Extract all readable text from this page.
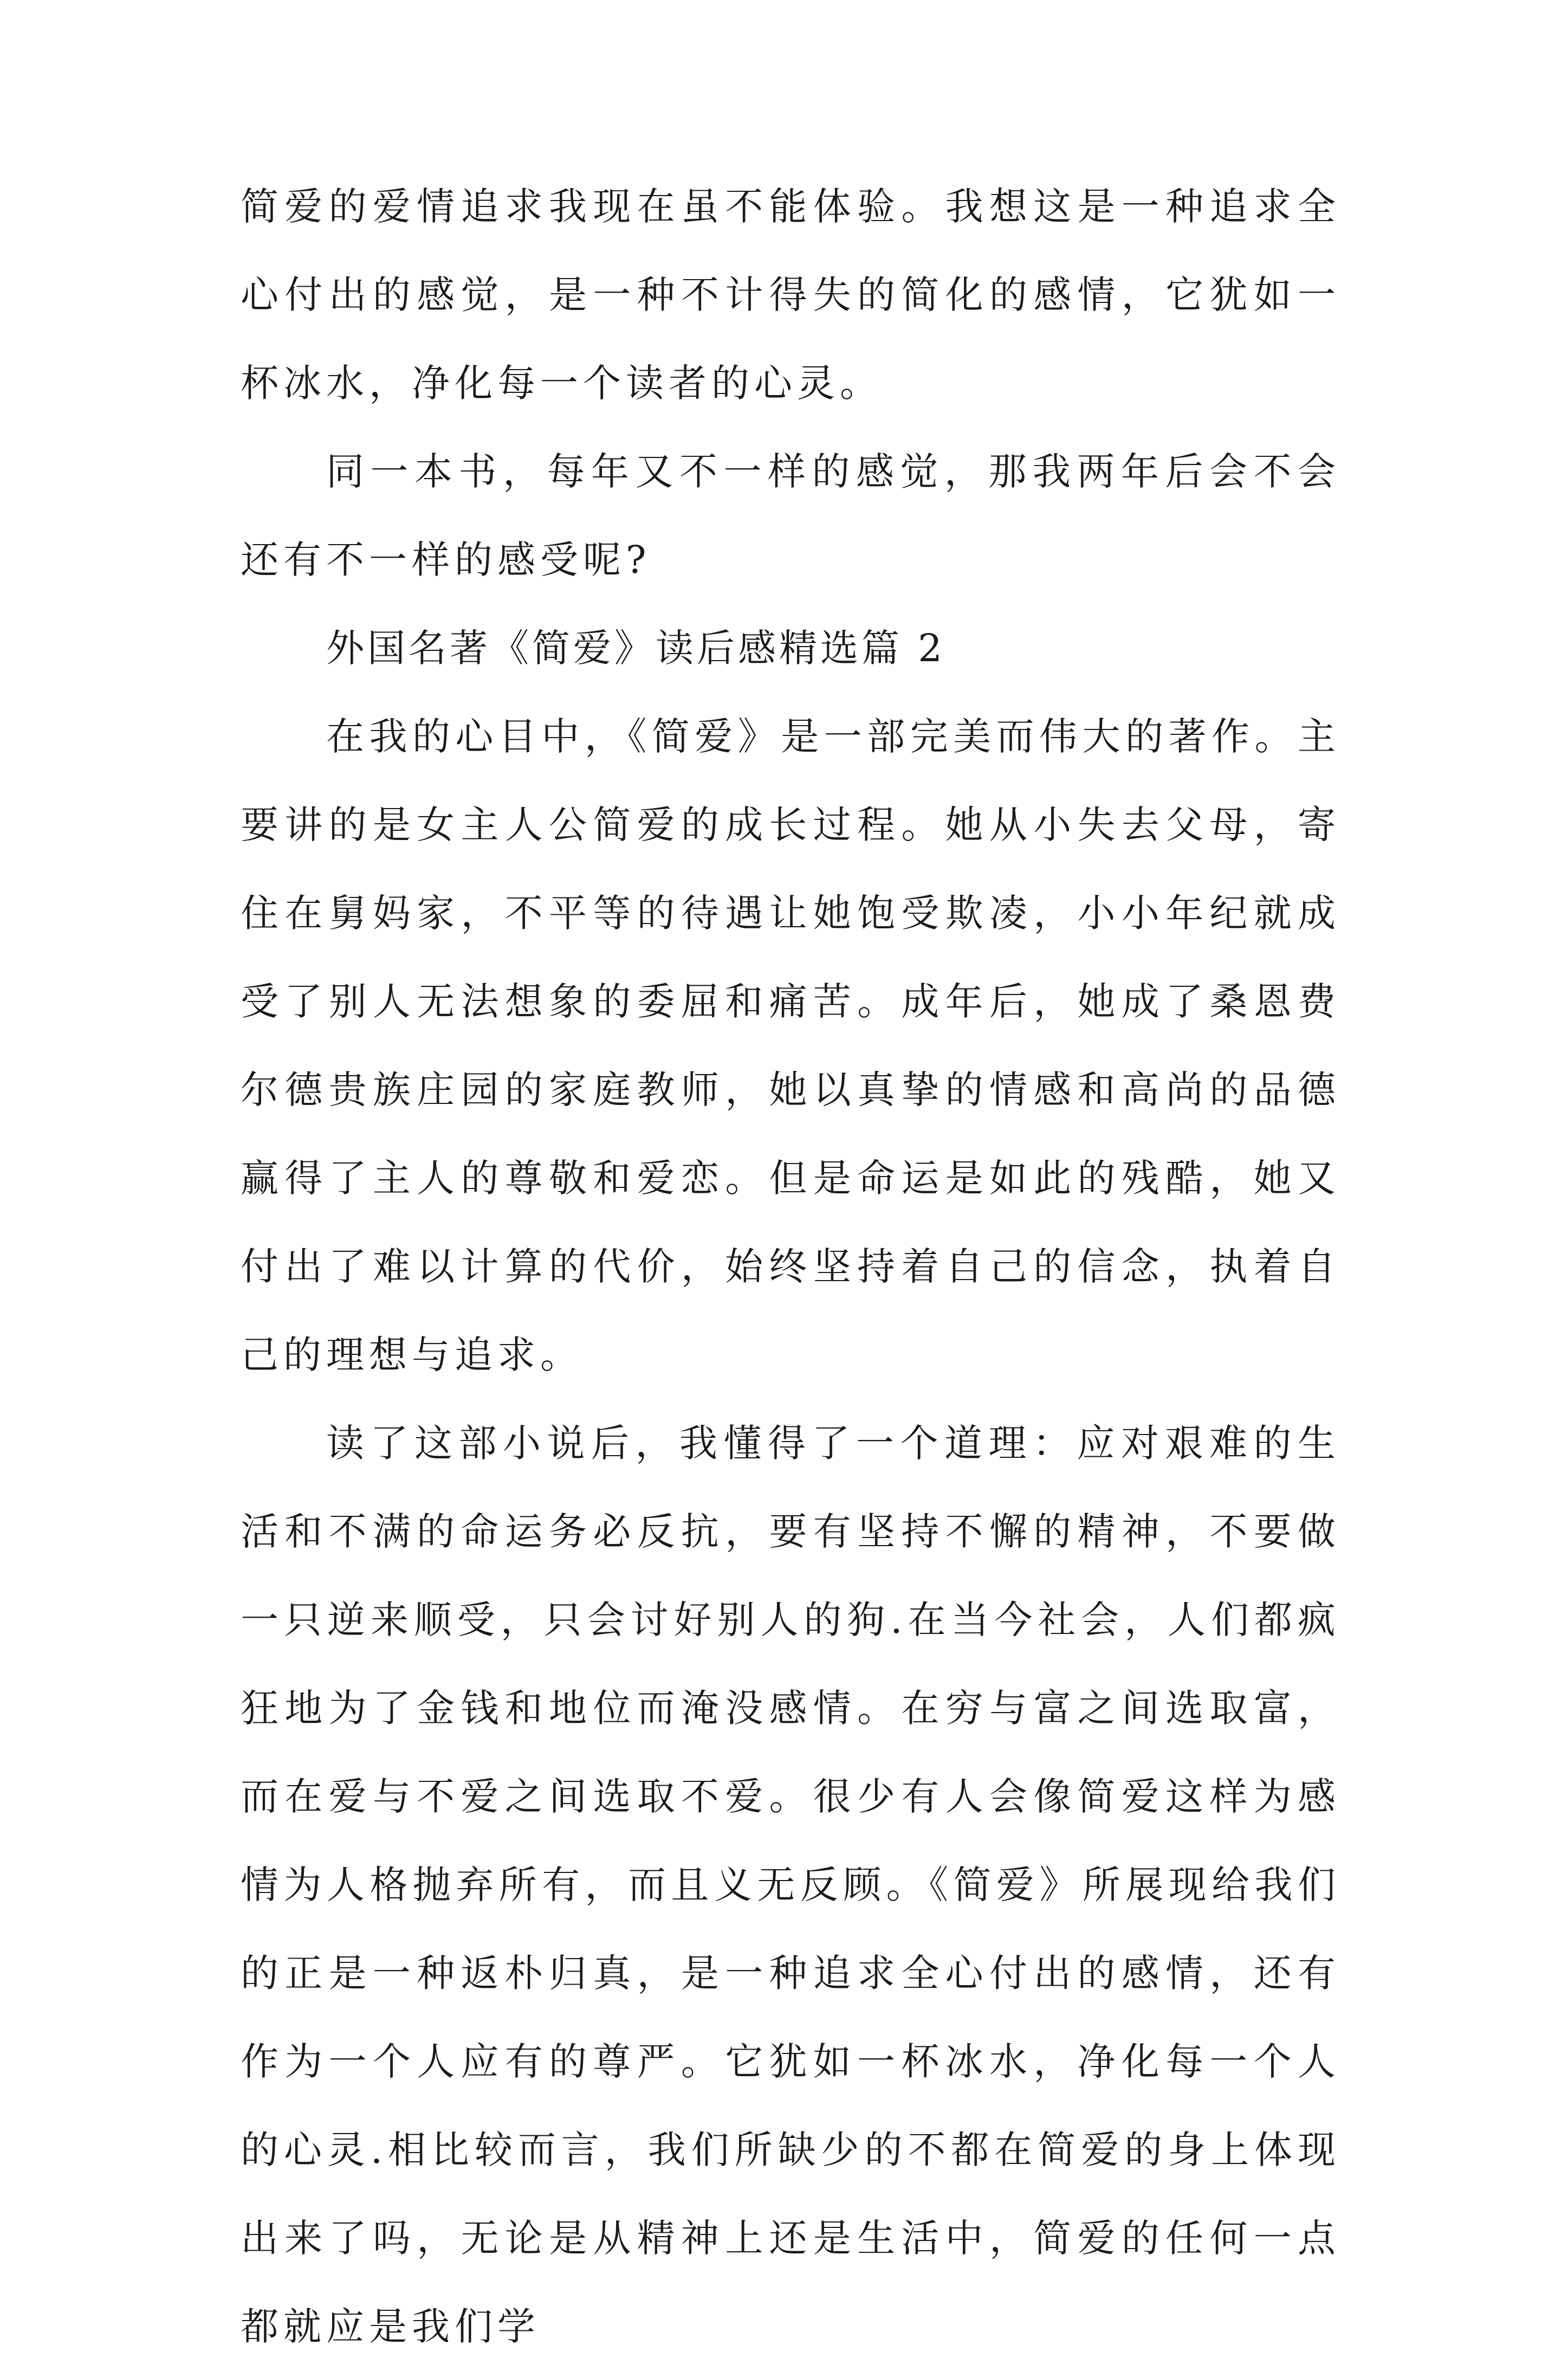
简爱的爱情追求我现在虽不能体验。我想这是一种追求全心付出的感觉，是一种不计得失的简化的感情，它犹如一杯冰水，净化每一个读者的心灵。

同一本书，每年又不一样的感觉，那我两年后会不会还有不一样的感受呢?

外国名著《简爱》读后感精选篇 2

在我的心目中，《简爱》是一部完美而伟大的著作。主要讲的是女主人公简爱的成长过程。她从小失去父母，寄住在舅妈家，不平等的待遇让她饱受欺凌，小小年纪就成受了别人无法想象的委屈和痛苦。成年后，她成了桑恩费尔德贵族庄园的家庭教师，她以真挚的情感和高尚的品德赢得了主人的尊敬和爱恋。但是命运是如此的残酷，她又付出了难以计算的代价，始终坚持着自己的信念，执着自己的理想与追求。

读了这部小说后，我懂得了一个道理：应对艰难的生活和不满的命运务必反抗，要有坚持不懈的精神，不要做一只逆来顺受，只会讨好别人的狗.在当今社会，人们都疯狂地为了金钱和地位而淹没感情。在穷与富之间选取富，而在爱与不爱之间选取不爱。很少有人会像简爱这样为感情为人格抛弃所有，而且义无反顾。《简爱》所展现给我们的正是一种返朴归真，是一种追求全心付出的感情，还有作为一个人应有的尊严。它犹如一杯冰水，净化每一个人的心灵.相比较而言，我们所缺少的不都在简爱的身上体现出来了吗，无论是从精神上还是生活中，简爱的任何一点都就应是我们学
